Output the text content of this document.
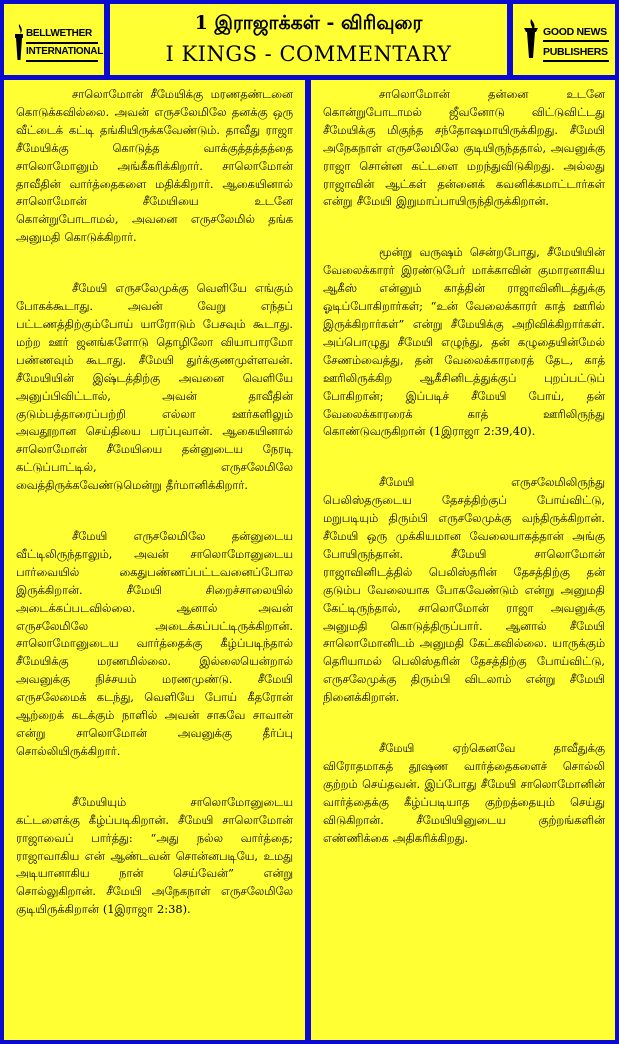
BELLWETHER
INTERNATIONAL
1 இராஜாக்கள் - விரிவுரை
I KINGS - COMMENTARY
GOOD NEWS
PUBLISHERS

சாலொமோன் சீமேயிக்கு மரணதண்டனை கொடுக்கவில்லை. அவன் எருசலேமிலே தனக்கு ஒரு வீட்டைக் கட்டி தங்கியிருக்கவேண்டும். தாவீது ராஜா சீமேயிக்கு கொடுத்த வாக்குத்தத்தத்தை சாலொமோனும் அங்கீகரிக்கிறார். சாலொமோன் தாவீதின் வார்த்தைகளை மதிக்கிறார். ஆகையினால் சாலொமோன் சீமேயியை உடனே கொன்றுபோடாமல், அவனை எருசலேமில் தங்க அனுமதி கொடுக்கிறார்.

சீமேயி எருசலேமுக்கு வெளியே எங்கும் போகக்கூடாது. அவன் வேறு எந்தப் பட்டணத்திற்கும்போய் யாரோடும் பேசவும் கூடாது. மற்ற ஊர் ஜனங்களோடு தொழிலோ வியாபாரமோ பண்ணவும் கூடாது. சீமேயி துர்க்குணமுள்ளவன். சீமேயியின் இஷ்டத்திற்கு அவனை வெளியே அனுப்பிவிட்டால், அவன் தாவீதின் குடும்பத்தாரைப்பற்றி எல்லா ஊர்களிலும் அவதூறான செய்தியை பரப்புவான். ஆகையினால் சாலொமோன் சீமேயியை தன்னுடைய நேரடி கட்டுப்பாட்டில், எருசலேமிலே வைத்திருக்கவேண்டுமென்று தீர்மானிக்கிறார்.

சீமேயி எருசலேமிலே தன்னுடைய வீட்டிலிருந்தாலும், அவன் சாலொமோனுடைய பார்வையில் கைதுபண்ணப்பட்டவனைப்போல இருக்கிறான். சீமேயி சிறைச்சாலையில் அடைக்கப்படவில்லை. ஆனால் அவன் எருசலேமிலே அடைக்கப்பட்டிருக்கிறான். சாலொமோனுடைய வார்த்தைக்கு கீழ்ப்படிந்தால் சீமேயிக்கு மரணமில்லை. இல்லையென்றால் அவனுக்கு நிச்சயம் மரணமுண்டு. சீமேயி எருசலேமைக் கடந்து, வெளியே போய் கீதரோன் ஆற்றைக் கடக்கும் நாளில் அவன் சாகவே சாவான் என்று சாலொமோன் அவனுக்கு தீர்ப்பு சொல்லியிருக்கிறார்.

சீமேயியும் சாலொமோனுடைய கட்டளைக்கு கீழ்ப்படிகிறான். சீமேயி சாலொமோன் ராஜாவைப் பார்த்து: “அது நல்ல வார்த்தை; ராஜாவாகிய என் ஆண்டவன் சொன்னபடியே, உமது அடியானாகிய நான் செய்வேன்” என்று சொல்லுகிறான். சீமேயி அநேகநாள் எருசலேமிலே குடியிருக்கிறான் (1இராஜா 2:38).

சாலொமோன் தன்னை உடனே கொன்றுபோடாமல் ஜீவனோடு விட்டுவிட்டது சீமேயிக்கு மிகுந்த சந்தோஷமாயிருக்கிறது. சீமேயி அநேகநாள் எருசலேமிலே குடியிருந்ததால், அவனுக்கு ராஜா சொன்ன கட்டளை மறந்துவிடுகிறது. அல்லது ராஜாவின் ஆட்கள் தன்னைக் கவனிக்கமாட்டார்கள் என்று சீமேயி இறுமாப்பாயிருந்திருக்கிறான்.

மூன்று வருஷம் சென்றபோது, சீமேயியின் வேலைக்காரர் இரண்டுபேர் மாக்காவின் குமாரனாகிய ஆகீஸ் என்னும் காத்தின் ராஜாவினிடத்துக்கு ஓடிப்போகிறார்கள்; “உன் வேலைக்காரர் காத் ஊரில் இருக்கிறார்கள்” என்று சீமேயிக்கு அறிவிக்கிறார்கள். அப்பொழுது சீமேயி எழுந்து, தன் கழுதையின்மேல் சேணம்வைத்து, தன் வேலைக்காரரைத் தேட, காத் ஊரிலிருக்கிற ஆகீசினிடத்துக்குப் புறப்பட்டுப் போகிறான்; இப்படிச் சீமேயி போய், தன் வேலைக்காரரைக் காத் ஊரிலிருந்து கொண்டுவருகிறான் (1இராஜா 2:39,40).

சீமேயி எருசலேமிலிருந்து பெலிஸ்தருடைய தேசத்திற்குப் போய்விட்டு, மறுபடியும் திரும்பி எருசலேமுக்கு வந்திருக்கிறான். சீமேயி ஒரு முக்கியமான வேலையாகத்தான் அங்கு போயிருந்தான். சீமேயி சாலொமோன் ராஜாவினிடத்தில் பெலிஸ்தரின் தேசத்திற்கு தன் குடும்ப வேலையாக போகவேண்டும் என்று அனுமதி கேட்டிருந்தால், சாலொமோன் ராஜா அவனுக்கு அனுமதி கொடுத்திருப்பார். ஆனால் சீமேயி சாலொமோனிடம் அனுமதி கேட்கவில்லை. யாருக்கும் தெரியாமல் பெலிஸ்தரின் தேசத்திற்கு போய்விட்டு, எருசலேமுக்கு திரும்பி விடலாம் என்று சீமேயி நினைக்கிறான்.

சீமேயி ஏற்கெனவே தாவீதுக்கு விரோதமாகத் தூஷண வார்த்தைகளைச் சொல்லி குற்றம் செய்தவன். இப்போது சீமேயி சாலொமோனின் வார்த்தைக்கு கீழ்ப்படியாத குற்றத்தையும் செய்து விடுகிறான். சீமேயியினுடைய குற்றங்களின் எண்ணிக்கை அதிகரிக்கிறது.
